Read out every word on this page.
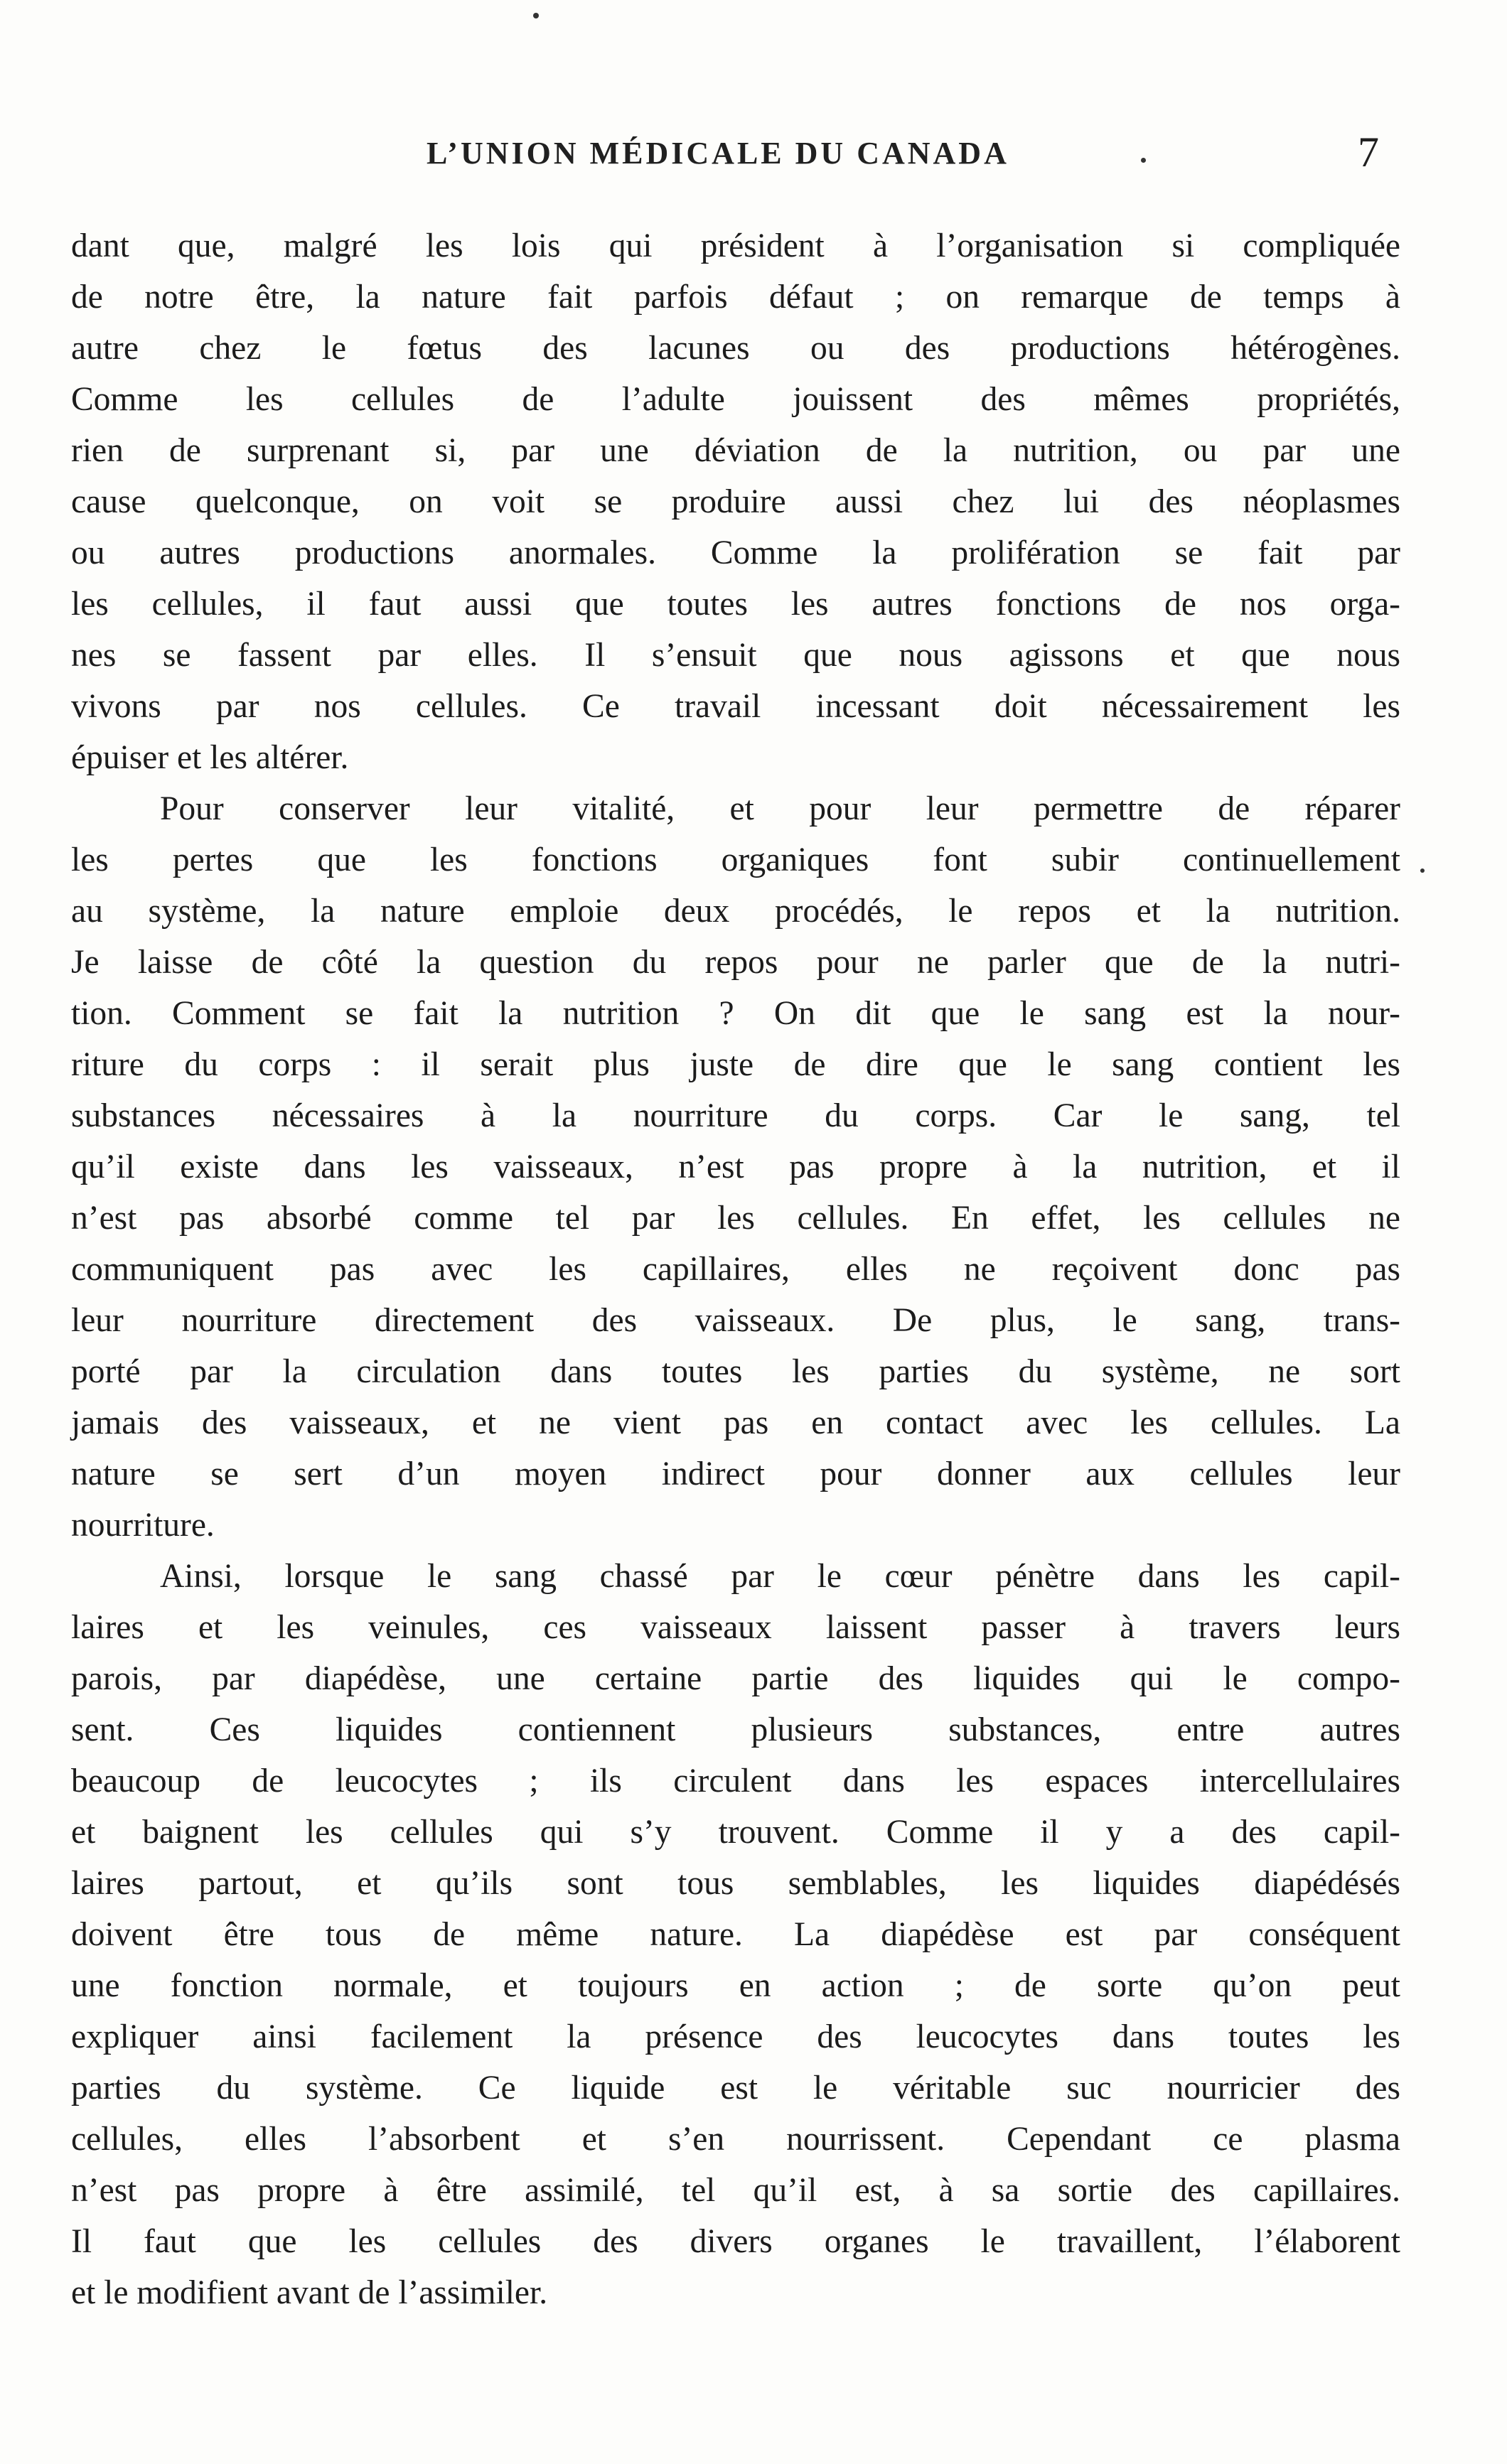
L’UNION MÉDICALE DU CANADA	7
dant que, malgré les lois qui président à l’organisation si compliquée
de notre être, la nature fait parfois défaut ; on remarque de temps à
autre chez le fœtus des lacunes ou des productions hétérogènes.
Comme les cellules de l’adulte jouissent des mêmes propriétés,
rien de surprenant si, par une déviation de la nutrition, ou par une
cause quelconque, on voit se produire aussi chez lui des néoplasmes
ou autres productions anormales. Comme la prolifération se fait par
les cellules, il faut aussi que toutes les autres fonctions de nos orga-
nes se fassent par elles. Il s’ensuit que nous agissons et que nous
vivons par nos cellules. Ce travail incessant doit nécessairement les
épuiser et les altérer.
Pour conserver leur vitalité, et pour leur permettre de réparer
les pertes que les fonctions organiques font subir continuellement
au système, la nature emploie deux procédés, le repos et la nutrition.
Je laisse de côté la question du repos pour ne parler que de la nutri-
tion. Comment se fait la nutrition ? On dit que le sang est la nour-
riture du corps : il serait plus juste de dire que le sang contient les
substances nécessaires à la nourriture du corps. Car le sang, tel
qu’il existe dans les vaisseaux, n’est pas propre à la nutrition, et il
n’est pas absorbé comme tel par les cellules. En effet, les cellules ne
communiquent pas avec les capillaires, elles ne reçoivent donc pas
leur nourriture directement des vaisseaux. De plus, le sang, trans-
porté par la circulation dans toutes les parties du système, ne sort
jamais des vaisseaux, et ne vient pas en contact avec les cellules. La
nature se sert d’un moyen indirect pour donner aux cellules leur
nourriture.
Ainsi, lorsque le sang chassé par le cœur pénètre dans les capil-
laires et les veinules, ces vaisseaux laissent passer à travers leurs
parois, par diapédèse, une certaine partie des liquides qui le compo-
sent. Ces liquides contiennent plusieurs substances, entre autres
beaucoup de leucocytes ; ils circulent dans les espaces intercellulaires
et baignent les cellules qui s’y trouvent. Comme il y a des capil-
laires partout, et qu’ils sont tous semblables, les liquides diapédésés
doivent être tous de même nature. La diapédèse est par conséquent
une fonction normale, et toujours en action ; de sorte qu’on peut
expliquer ainsi facilement la présence des leucocytes dans toutes les
parties du système. Ce liquide est le véritable suc nourricier des
cellules, elles l’absorbent et s’en nourrissent. Cependant ce plasma
n’est pas propre à être assimilé, tel qu’il est, à sa sortie des capillaires.
Il faut que les cellules des divers organes le travaillent, l’élaborent
et le modifient avant de l’assimiler.
